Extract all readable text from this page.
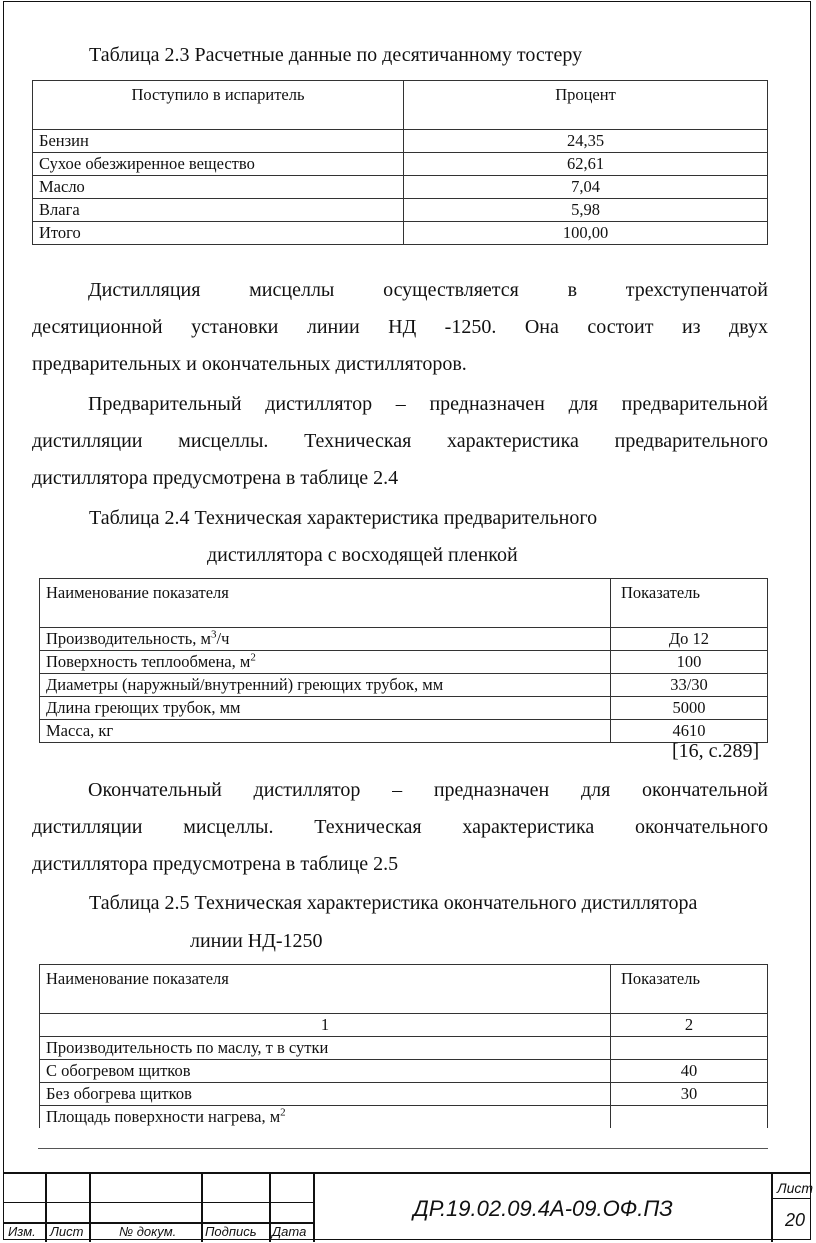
Таблица 2.3 Расчетные данные по десятичанному тостеру
Поступило в испаритель	Процент
Бензин	24,35
Сухое обезжиренное вещество	62,61
Масло	7,04
Влага	5,98
Итого	100,00
Дистилляция мисцеллы осуществляется в трехступенчатой
десятиционной установки линии НД -1250. Она состоит из двух
предварительных и окончательных дистилляторов.
Предварительный дистиллятор – предназначен для предварительной
дистилляции мисцеллы. Техническая характеристика предварительного
дистиллятора предусмотрена в таблице 2.4
Таблица 2.4 Техническая характеристика предварительного
дистиллятора с восходящей пленкой
Наименование показателя	Показатель
Производительность, $м^3/ч$	До 12
Поверхность теплообмена, $м^2$	100
Диаметры (наружный/внутренний) греющих трубок, мм	33/30
Длина греющих трубок, мм	5000
Масса, кг	4610
[16, с.289]
Окончательный дистиллятор – предназначен для окончательной
дистилляции мисцеллы. Техническая характеристика окончательного
дистиллятора предусмотрена в таблице 2.5
Таблица 2.5 Техническая характеристика окончательного дистиллятора
линии НД-1250
Наименование показателя	Показатель
1	2
Производительность по маслу, т в сутки	
С обогревом щитков	40
Без обогрева щитков	30
Площадь поверхности нагрева, $м^2$	
Изм. Лист	№ докум. Подпись Дата
ДР.19.02.09.4А-09.ОФ.ПЗ
Лист
20
